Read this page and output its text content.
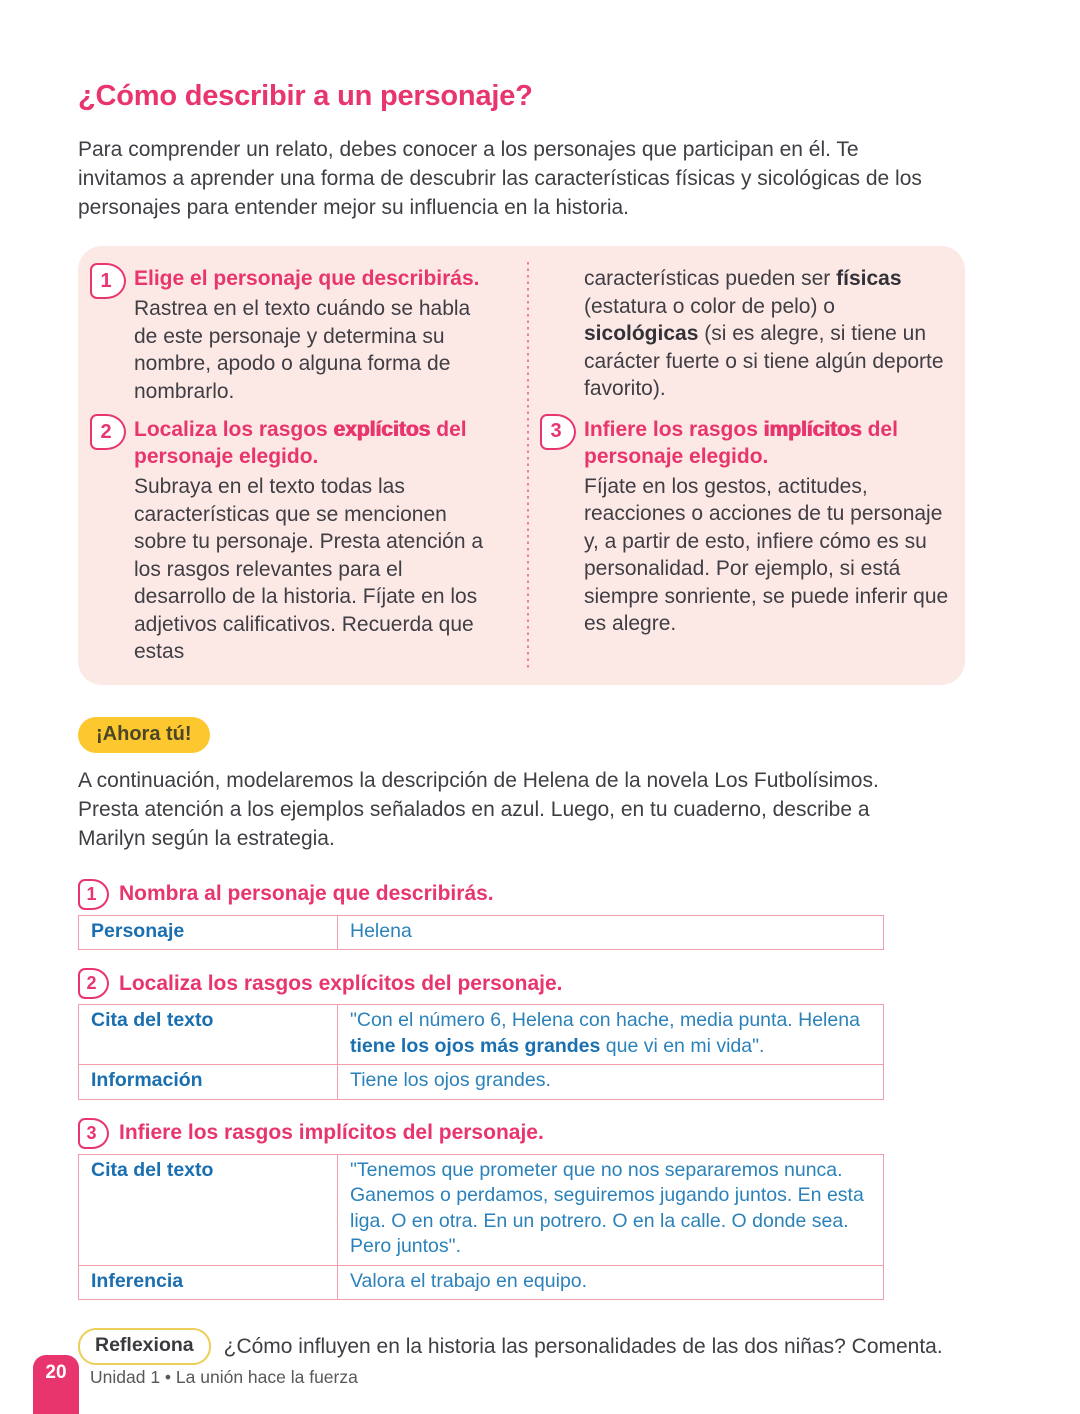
¿Cómo describir a un personaje?

Para comprender un relato, debes conocer a los personajes que participan en él. Te invitamos a aprender una forma de descubrir las características físicas y sicológicas de los personajes para entender mejor su influencia en la historia.

1	Elige el personaje que describirás.
Rastrea en el texto cuándo se habla de este personaje y determina su nombre, apodo o alguna forma de nombrarlo.
2	Localiza los rasgos explícitos del personaje elegido.
Subraya en el texto todas las características que se mencionen sobre tu personaje. Presta atención a los rasgos relevantes para el desarrollo de la historia. Fíjate en los adjetivos calificativos. Recuerda que estas
características pueden ser físicas (estatura o color de pelo) o sicológicas (si es alegre, si tiene un carácter fuerte o si tiene algún deporte favorito).
3	Infiere los rasgos implícitos del personaje elegido.
Fíjate en los gestos, actitudes, reacciones o acciones de tu personaje y, a partir de esto, infiere cómo es su personalidad. Por ejemplo, si está siempre sonriente, se puede inferir que es alegre.
¡Ahora tú!

A continuación, modelaremos la descripción de Helena de la novela Los Futbolísimos. Presta atención a los ejemplos señalados en azul. Luego, en tu cuaderno, describe a Marilyn según la estrategia.

1	Nombra al personaje que describirás.
Personaje	Helena
2	Localiza los rasgos explícitos del personaje.
Cita del texto	"Con el número 6, Helena con hache, media punta. Helena tiene los ojos más grandes que vi en mi vida".
Información	Tiene los ojos grandes.
3	Infiere los rasgos implícitos del personaje.
Cita del texto	"Tenemos que prometer que no nos separaremos nunca. Ganemos o perdamos, seguiremos jugando juntos. En esta liga. O en otra. En un potrero. O en la calle. O donde sea. Pero juntos".
Inferencia	Valora el trabajo en equipo.
Reflexiona	¿Cómo influyen en la historia las personalidades de las dos niñas? Comenta.
20	Unidad 1 • La unión hace la fuerza
